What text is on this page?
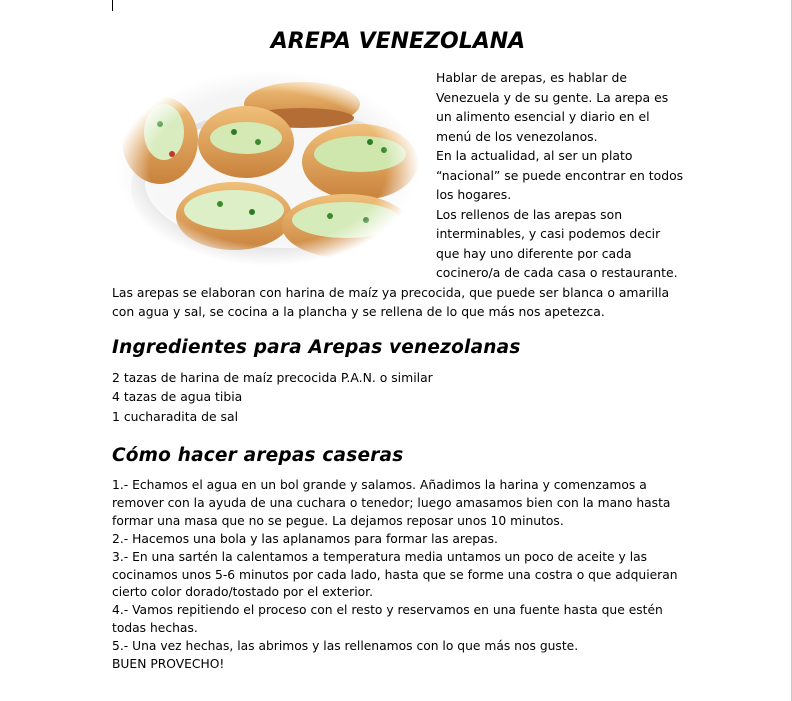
AREPA VENEZOLANA

Hablar de arepas, es hablar de Venezuela y de su gente. La arepa es un alimento esencial y diario en el menú de los venezolanos.

En la actualidad, al ser un plato “nacional” se puede encontrar en todos los hogares.

Los rellenos de las arepas son interminables, y casi podemos decir que hay uno diferente por cada cocinero/a de cada casa o restaurante.

Las arepas se elaboran con harina de maíz ya precocida, que puede ser blanca o amarilla con agua y sal, se cocina a la plancha y se rellena de lo que más nos apetezca.

Ingredientes para Arepas venezolanas
2 tazas de harina de maíz precocida P.A.N. o similar
4 tazas de agua tibia
1 cucharadita de sal
Cómo hacer arepas caseras
1.- Echamos el agua en un bol grande y salamos. Añadimos la harina y comenzamos a remover con la ayuda de una cuchara o tenedor; luego amasamos bien con la mano hasta formar una masa que no se pegue. La dejamos reposar unos 10 minutos.
2.- Hacemos una bola y las aplanamos para formar las arepas.
3.- En una sartén la calentamos a temperatura media untamos un poco de aceite y las cocinamos unos 5-6 minutos por cada lado, hasta que se forme una costra o que adquieran cierto color dorado/tostado por el exterior.
4.- Vamos repitiendo el proceso con el resto y reservamos en una fuente hasta que estén todas hechas.
5.- Una vez hechas, las abrimos y las rellenamos con lo que más nos guste.
BUEN PROVECHO!
